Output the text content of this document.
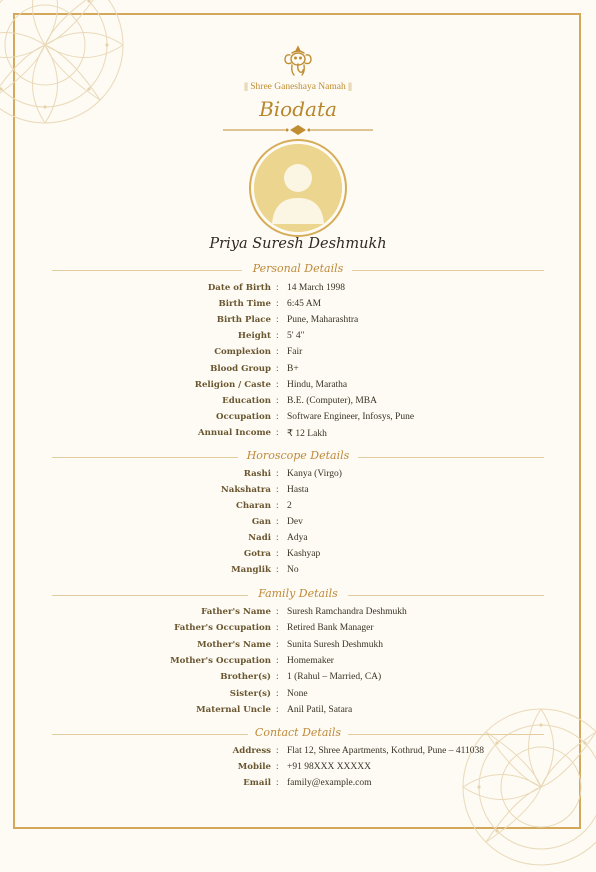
|| Shree Ganeshaya Namah ||
Biodata
Priya Suresh Deshmukh
Personal Details
Date of Birth : 14 March 1998
Birth Time : 6:45 AM
Birth Place : Pune, Maharashtra
Height : 5' 4"
Complexion : Fair
Blood Group : B+
Religion / Caste : Hindu, Maratha
Education : B.E. (Computer), MBA
Occupation : Software Engineer, Infosys, Pune
Annual Income : ₹ 12 Lakh
Horoscope Details
Rashi : Kanya (Virgo)
Nakshatra : Hasta
Charan : 2
Gan : Dev
Nadi : Adya
Gotra : Kashyap
Manglik : No
Family Details
Father's Name : Suresh Ramchandra Deshmukh
Father's Occupation : Retired Bank Manager
Mother's Name : Sunita Suresh Deshmukh
Mother's Occupation : Homemaker
Brother(s) : 1 (Rahul – Married, CA)
Sister(s) : None
Maternal Uncle : Anil Patil, Satara
Contact Details
Address : Flat 12, Shree Apartments, Kothrud, Pune – 411038
Mobile : +91 98XXX XXXXX
Email : family@example.com
